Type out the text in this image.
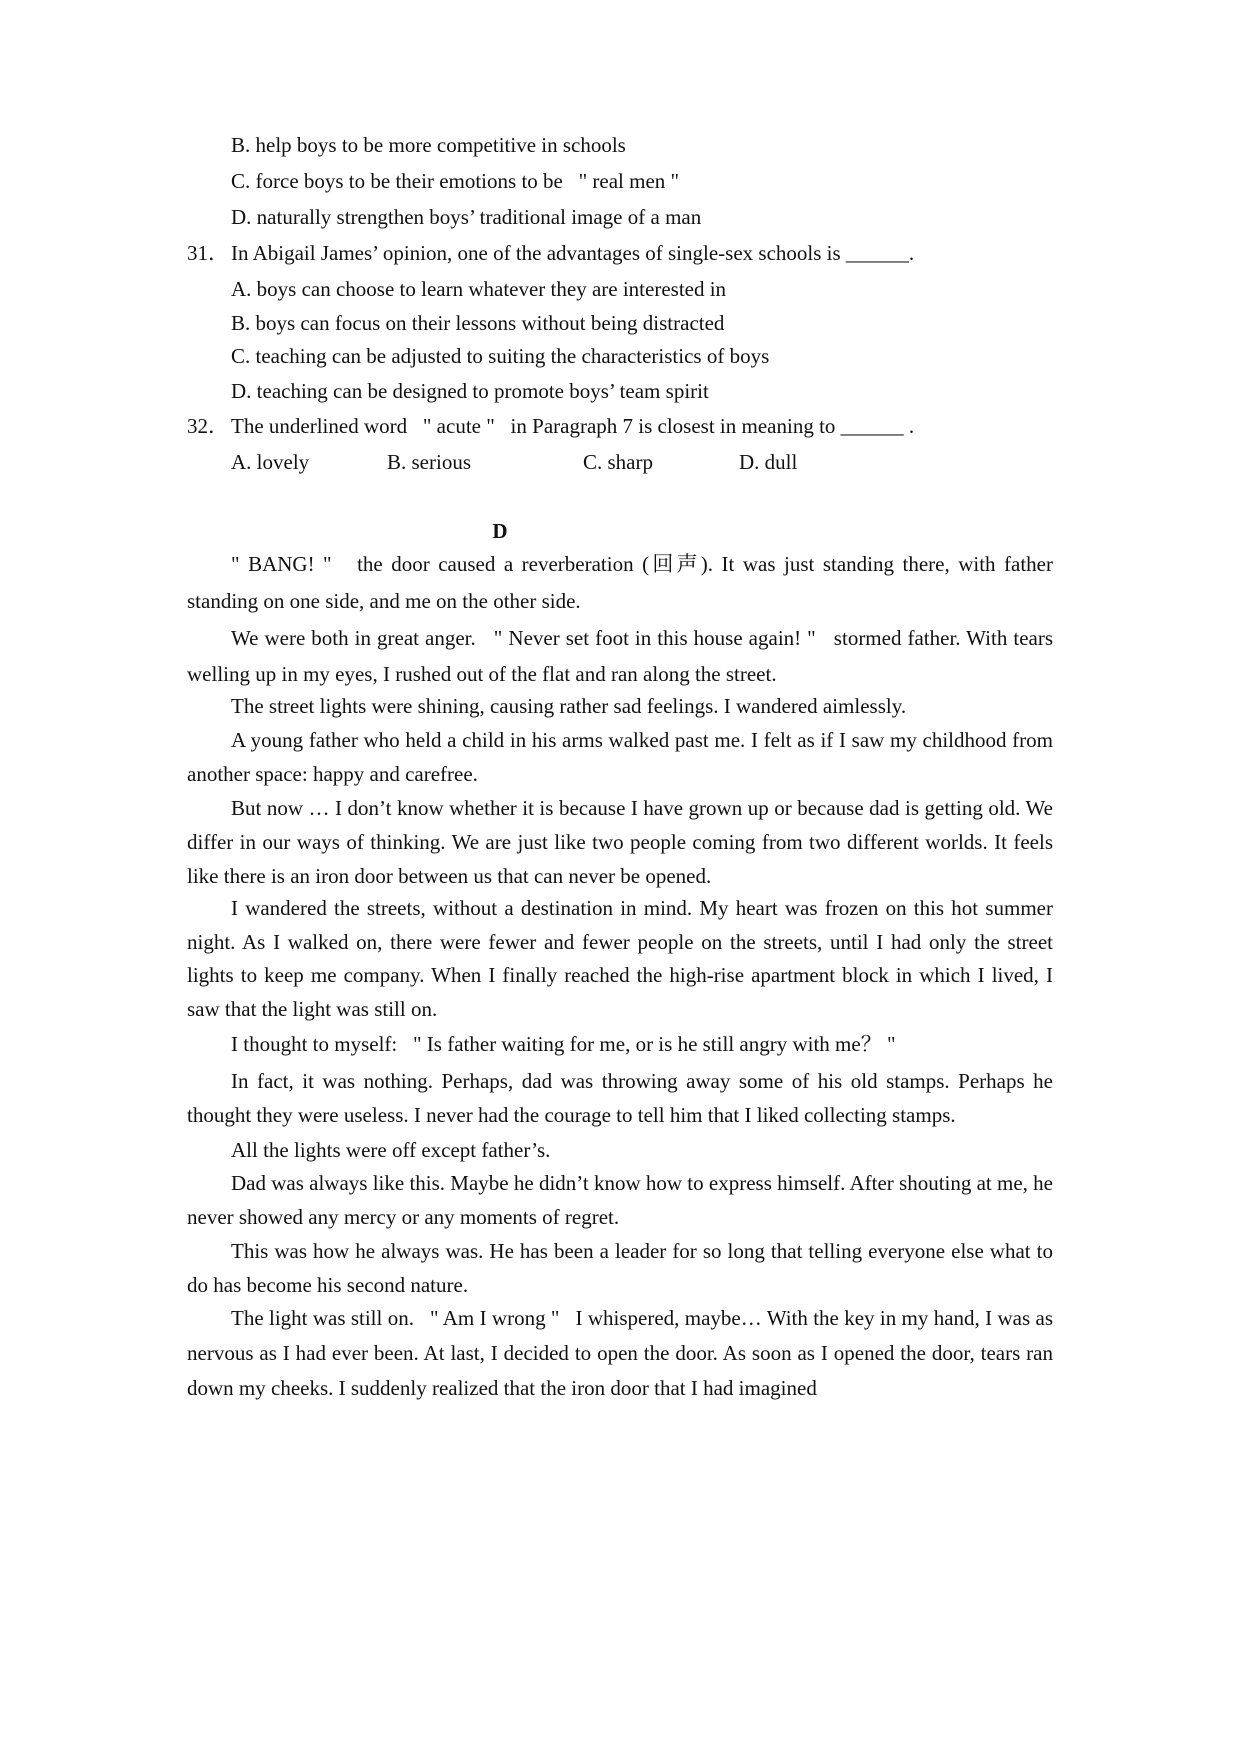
B. help boys to be more competitive in schools
C. force boys to be their emotions to be   " real men "
D. naturally strengthen boys’ traditional image of a man
31． In Abigail James’ opinion, one of the advantages of single-sex schools is ______.
A. boys can choose to learn whatever they are interested in
B. boys can focus on their lessons without being distracted
C. teaching can be adjusted to suiting the characteristics of boys
D. teaching can be designed to promote boys’ team spirit
32． The underlined word   " acute "   in Paragraph 7 is closest in meaning to ______ .
A. lovely	B. serious	C. sharp	D. dull
D
" BANG! "   the door caused a reverberation (回声). It was just standing there, with father standing on one side, and me on the other side.
We were both in great anger.   " Never set foot in this house again! "   stormed father. With tears welling up in my eyes, I rushed out of the flat and ran along the street.
The street lights were shining, causing rather sad feelings. I wandered aimlessly.
A young father who held a child in his arms walked past me. I felt as if I saw my childhood from another space: happy and carefree.
But now … I don’t know whether it is because I have grown up or because dad is getting old. We differ in our ways of thinking. We are just like two people coming from two different worlds. It feels like there is an iron door between us that can never be opened.
I wandered the streets, without a destination in mind. My heart was frozen on this hot summer night. As I walked on, there were fewer and fewer people on the streets, until I had only the street lights to keep me company. When I finally reached the high-rise apartment block in which I lived, I saw that the light was still on.
I thought to myself:   " Is father waiting for me, or is he still angry with me？ "
In fact, it was nothing. Perhaps, dad was throwing away some of his old stamps. Perhaps he thought they were useless. I never had the courage to tell him that I liked collecting stamps.
All the lights were off except father’s.
Dad was always like this. Maybe he didn’t know how to express himself. After shouting at me, he never showed any mercy or any moments of regret.
This was how he always was. He has been a leader for so long that telling everyone else what to do has become his second nature.
The light was still on.   " Am I wrong "   I whispered, maybe… With the key in my hand, I was as nervous as I had ever been. At last, I decided to open the door. As soon as I opened the door, tears ran down my cheeks. I suddenly realized that the iron door that I had imagined
